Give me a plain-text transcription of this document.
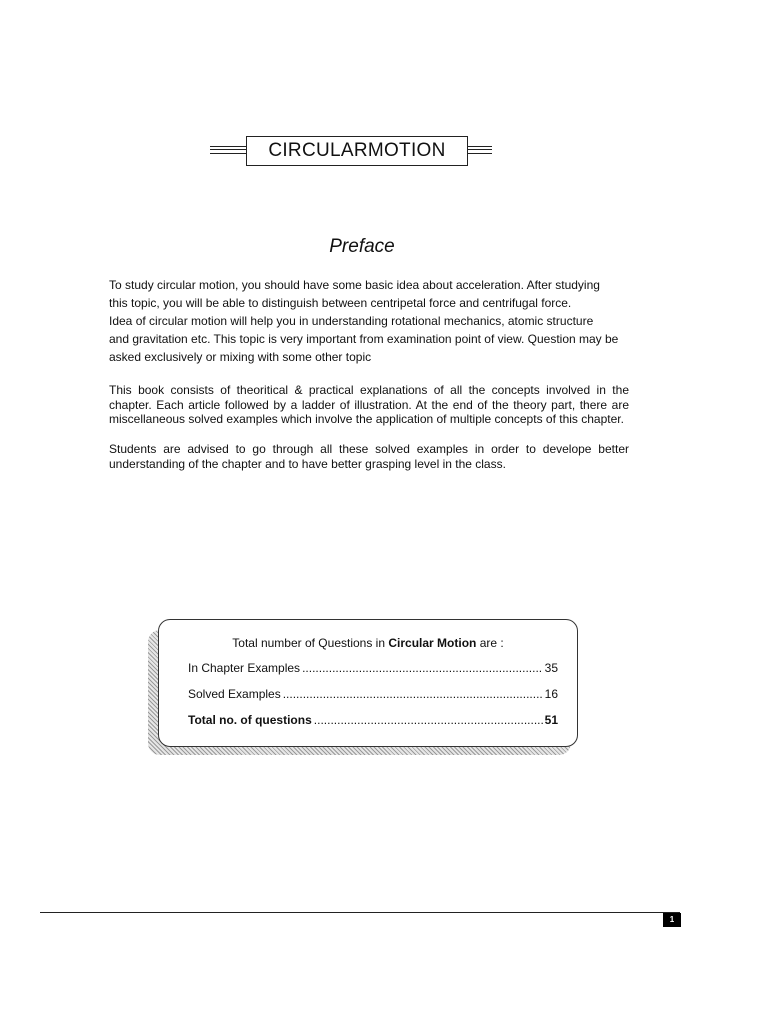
CIRCULARMOTION
Preface
To study circular motion, you should have some basic idea about acceleration. After studying
this topic, you will be able to distinguish between centripetal force and centrifugal force.
Idea of circular motion will help you in understanding rotational mechanics, atomic structure
and gravitation etc. This topic is very important from examination point of view. Question may be
asked exclusively or mixing with some other topic
This book consists of theoritical & practical explanations of all the concepts involved in the chapter. Each article followed by a ladder of illustration. At the end of the theory part, there are miscellaneous solved examples which involve the application of multiple concepts of this chapter.
Students are advised to go through all these solved examples in order to develope better understanding of the chapter and to have better grasping level in the class.
Total number of Questions in Circular Motion are :
In Chapter Examples .....	35
Solved Examples .....	16
Total no. of questions .....	51
1
